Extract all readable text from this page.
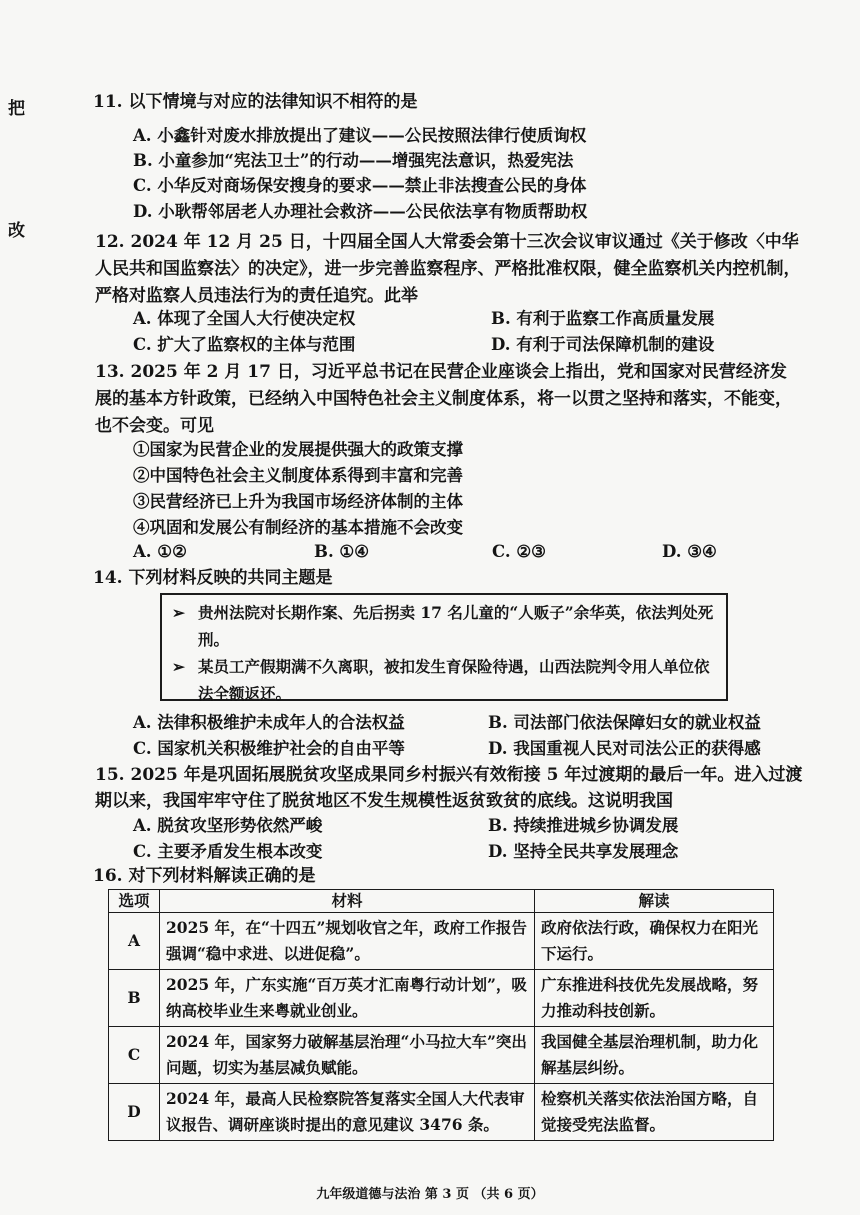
把
改
11. 以下情境与对应的法律知识不相符的是
A. 小鑫针对废水排放提出了建议——公民按照法律行使质询权
B. 小童参加“宪法卫士”的行动——增强宪法意识，热爱宪法
C. 小华反对商场保安搜身的要求——禁止非法搜查公民的身体
D. 小耿帮邻居老人办理社会救济——公民依法享有物质帮助权
12. 2024 年 12 月 25 日，十四届全国人大常委会第十三次会议审议通过《关于修改〈中华人民共和国监察法〉的决定》，进一步完善监察程序、严格批准权限，健全监察机关内控机制，严格对监察人员违法行为的责任追究。此举
A. 体现了全国人大行使决定权	B. 有利于监察工作高质量发展
C. 扩大了监察权的主体与范围	D. 有利于司法保障机制的建设
13. 2025 年 2 月 17 日，习近平总书记在民营企业座谈会上指出，党和国家对民营经济发展的基本方针政策，已经纳入中国特色社会主义制度体系，将一以贯之坚持和落实，不能变，也不会变。可见
①国家为民营企业的发展提供强大的政策支撑
②中国特色社会主义制度体系得到丰富和完善
③民营经济已上升为我国市场经济体制的主体
④巩固和发展公有制经济的基本措施不会改变
A. ①②	B. ①④	C. ②③	D. ③④
14. 下列材料反映的共同主题是
➢ 贵州法院对长期作案、先后拐卖 17 名儿童的“人贩子”余华英，依法判处死刑。
➢ 某员工产假期满不久离职，被扣发生育保险待遇，山西法院判令用人单位依法全额返还。
A. 法律积极维护未成年人的合法权益	B. 司法部门依法保障妇女的就业权益
C. 国家机关积极维护社会的自由平等	D. 我国重视人民对司法公正的获得感
15. 2025 年是巩固拓展脱贫攻坚成果同乡村振兴有效衔接 5 年过渡期的最后一年。进入过渡期以来，我国牢牢守住了脱贫地区不发生规模性返贫致贫的底线。这说明我国
A. 脱贫攻坚形势依然严峻	B. 持续推进城乡协调发展
C. 主要矛盾发生根本改变	D. 坚持全民共享发展理念
16. 对下列材料解读正确的是
选项	材料	解读
A	2025 年，在“十四五”规划收官之年，政府工作报告强调“稳中求进、以进促稳”。	政府依法行政，确保权力在阳光下运行。
B	2025 年，广东实施“百万英才汇南粤行动计划”，吸纳高校毕业生来粤就业创业。	广东推进科技优先发展战略，努力推动科技创新。
C	2024 年，国家努力破解基层治理“小马拉大车”突出问题，切实为基层减负赋能。	我国健全基层治理机制，助力化解基层纠纷。
D	2024 年，最高人民检察院答复落实全国人大代表审议报告、调研座谈时提出的意见建议 3476 条。	检察机关落实依法治国方略，自觉接受宪法监督。
九年级道德与法治 第 3 页 （共 6 页）
